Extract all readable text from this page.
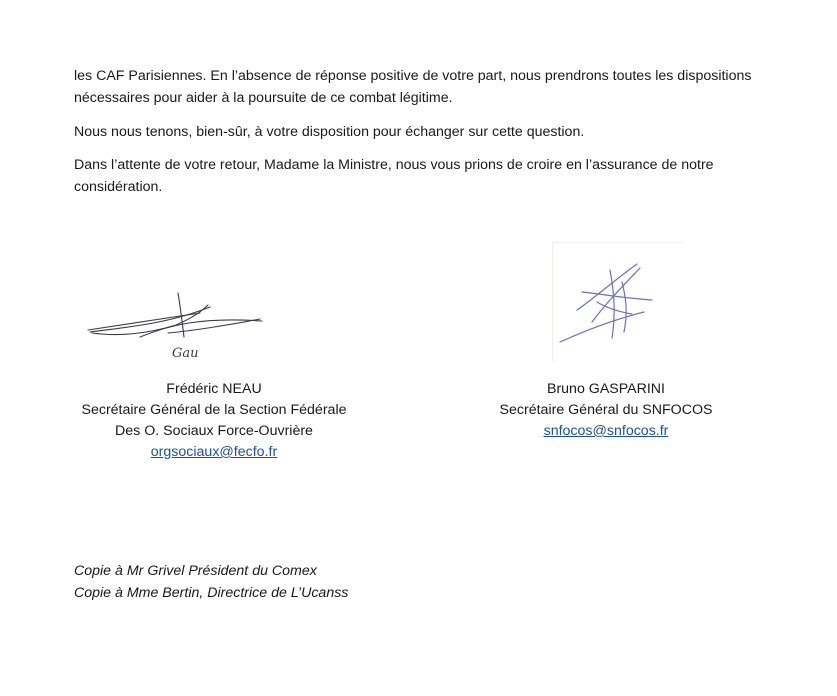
les CAF Parisiennes. En l’absence de réponse positive de votre part, nous prendrons toutes les dispositions nécessaires pour aider à la poursuite de ce combat légitime.

Nous nous tenons, bien-sûr, à votre disposition pour échanger sur cette question.

Dans l’attente de votre retour, Madame la Ministre, nous vous prions de croire en l’assurance de notre considération.

Gau
Frédéric NEAU
Secrétaire Général de la Section Fédérale
Des O. Sociaux Force-Ouvrière
orgsociaux@fecfo.fr
Bruno GASPARINI
Secrétaire Général du SNFOCOS
snfocos@snfocos.fr
Copie à Mr Grivel Président du Comex
Copie à Mme Bertin, Directrice de L’Ucanss
